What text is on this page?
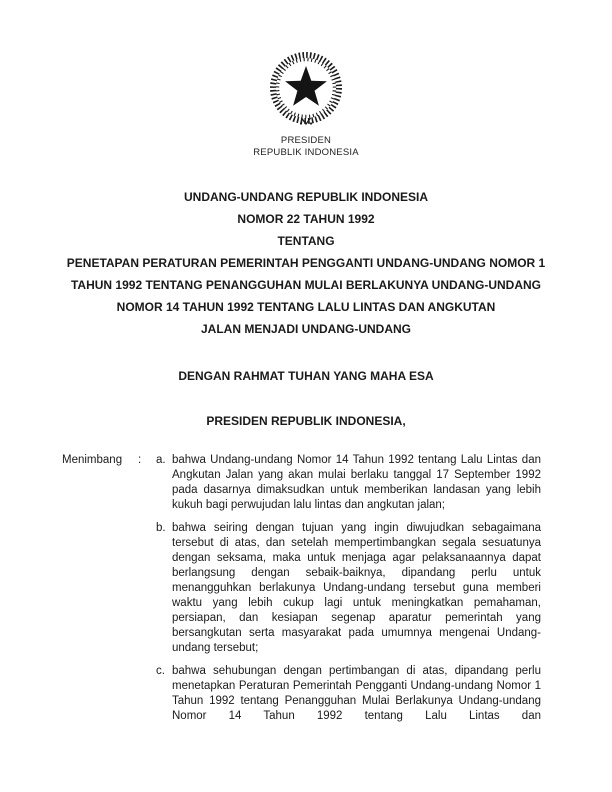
PRESIDEN
REPUBLIK INDONESIA
UNDANG-UNDANG REPUBLIK INDONESIA
NOMOR 22 TAHUN 1992
TENTANG
PENETAPAN PERATURAN PEMERINTAH PENGGANTI UNDANG-UNDANG NOMOR 1
TAHUN 1992 TENTANG PENANGGUHAN MULAI BERLAKUNYA UNDANG-UNDANG
NOMOR 14 TAHUN 1992 TENTANG LALU LINTAS DAN ANGKUTAN
JALAN MENJADI UNDANG-UNDANG
DENGAN RAHMAT TUHAN YANG MAHA ESA
PRESIDEN REPUBLIK INDONESIA,
Menimbang	:	a. bahwa Undang-undang Nomor 14 Tahun 1992 tentang Lalu Lintas dan Angkutan Jalan yang akan mulai berlaku tanggal 17 September 1992 pada dasarnya dimaksudkan untuk memberikan landasan yang lebih kukuh bagi perwujudan lalu lintas dan angkutan jalan;
b. bahwa seiring dengan tujuan yang ingin diwujudkan sebagaimana tersebut di atas, dan setelah mempertimbangkan segala sesuatunya dengan seksama, maka untuk menjaga agar pelaksanaannya dapat berlangsung dengan sebaik-baiknya, dipandang perlu untuk menangguhkan berlakunya Undang-undang tersebut guna memberi waktu yang lebih cukup lagi untuk meningkatkan pemahaman, persiapan, dan kesiapan segenap aparatur pemerintah yang bersangkutan serta masyarakat pada umumnya mengenai Undang-undang tersebut;
c. bahwa sehubungan dengan pertimbangan di atas, dipandang perlu menetapkan Peraturan Pemerintah Pengganti Undang-undang Nomor 1 Tahun 1992 tentang Penangguhan Mulai Berlakunya Undang-undang Nomor 14 Tahun 1992 tentang Lalu Lintas dan
